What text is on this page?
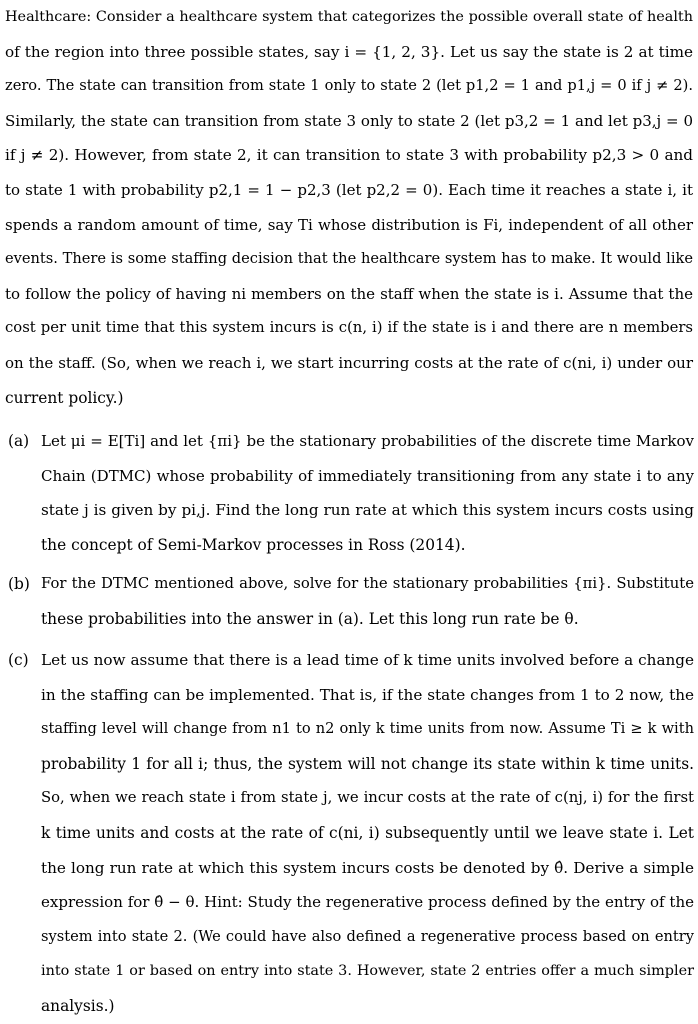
Healthcare: Consider a healthcare system that categorizes the possible overall state of health
of the region into three possible states, say i = {1, 2, 3}. Let us say the state is 2 at time
zero. The state can transition from state 1 only to state 2 (let p1,2 = 1 and p1,j = 0 if j ≠ 2).
Similarly, the state can transition from state 3 only to state 2 (let p3,2 = 1 and let p3,j = 0
if j ≠ 2). However, from state 2, it can transition to state 3 with probability p2,3 > 0 and
to state 1 with probability p2,1 = 1 − p2,3 (let p2,2 = 0). Each time it reaches a state i, it
spends a random amount of time, say Ti whose distribution is Fi, independent of all other
events. There is some staffing decision that the healthcare system has to make. It would like
to follow the policy of having ni members on the staff when the state is i. Assume that the
cost per unit time that this system incurs is c(n, i) if the state is i and there are n members
on the staff. (So, when we reach i, we start incurring costs at the rate of c(ni, i) under our
current policy.)
(a) Let μi = E[Ti] and let {πi} be the stationary probabilities of the discrete time Markov
Chain (DTMC) whose probability of immediately transitioning from any state i to any
state j is given by pi,j. Find the long run rate at which this system incurs costs using
the concept of Semi-Markov processes in Ross (2014).
(b) For the DTMC mentioned above, solve for the stationary probabilities {πi}. Substitute
these probabilities into the answer in (a). Let this long run rate be θ.
(c) Let us now assume that there is a lead time of k time units involved before a change
in the staffing can be implemented. That is, if the state changes from 1 to 2 now, the
staffing level will change from n1 to n2 only k time units from now. Assume Ti ≥ k with
probability 1 for all i; thus, the system will not change its state within k time units.
So, when we reach state i from state j, we incur costs at the rate of c(nj, i) for the first
k time units and costs at the rate of c(ni, i) subsequently until we leave state i. Let
the long run rate at which this system incurs costs be denoted by θ̂. Derive a simple
expression for θ̂ − θ. Hint: Study the regenerative process defined by the entry of the
system into state 2. (We could have also defined a regenerative process based on entry
into state 1 or based on entry into state 3. However, state 2 entries offer a much simpler
analysis.)
